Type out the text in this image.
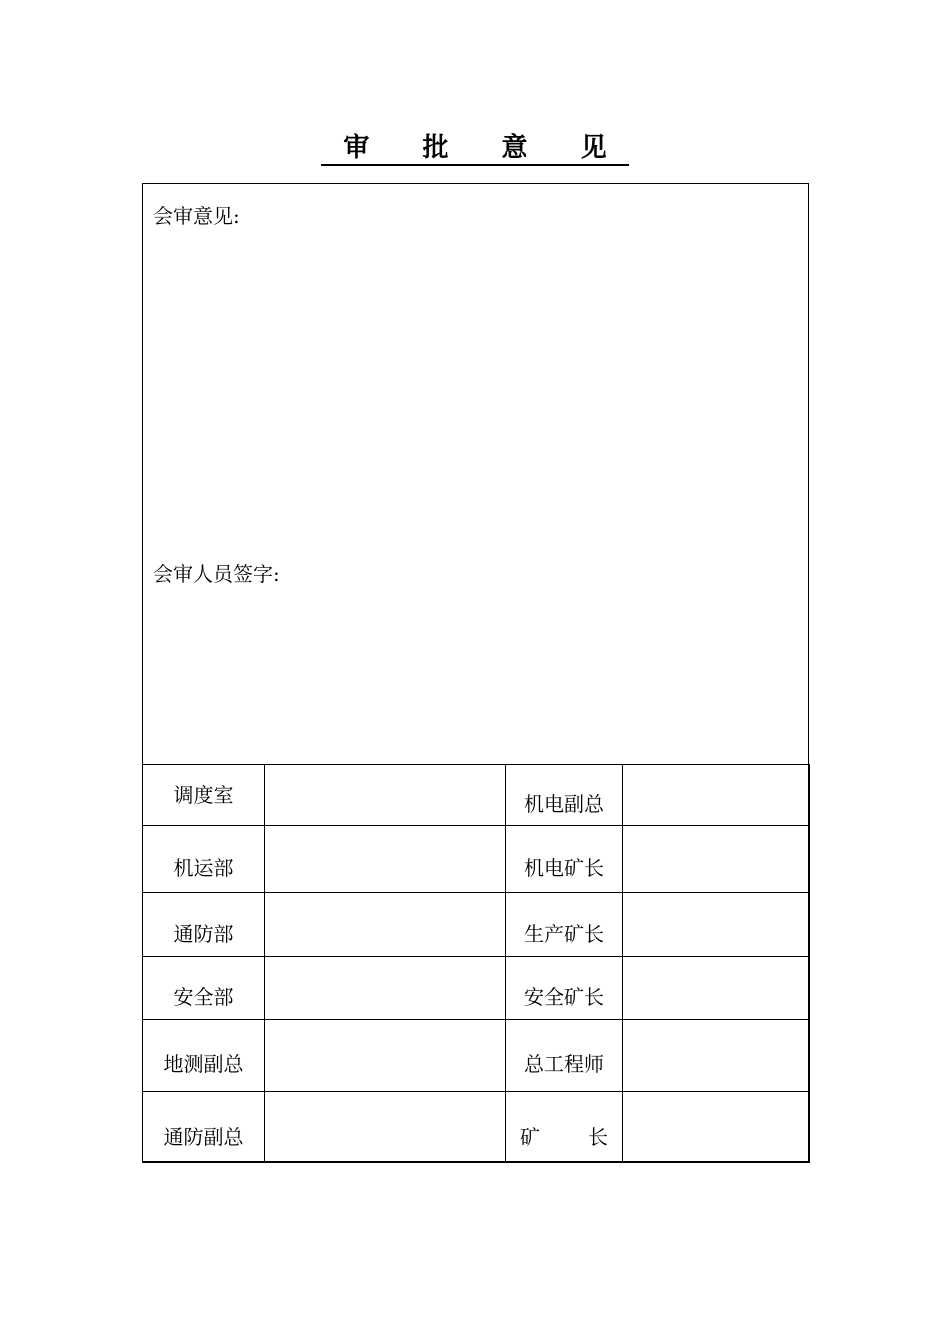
审 批 意 见
会审意见:
会审人员签字:
调度室		机电副总	

机运部		机电矿长	

通防部		生产矿长	

安全部		安全矿长	

地测副总		总工程师	

通防副总		矿 长	
